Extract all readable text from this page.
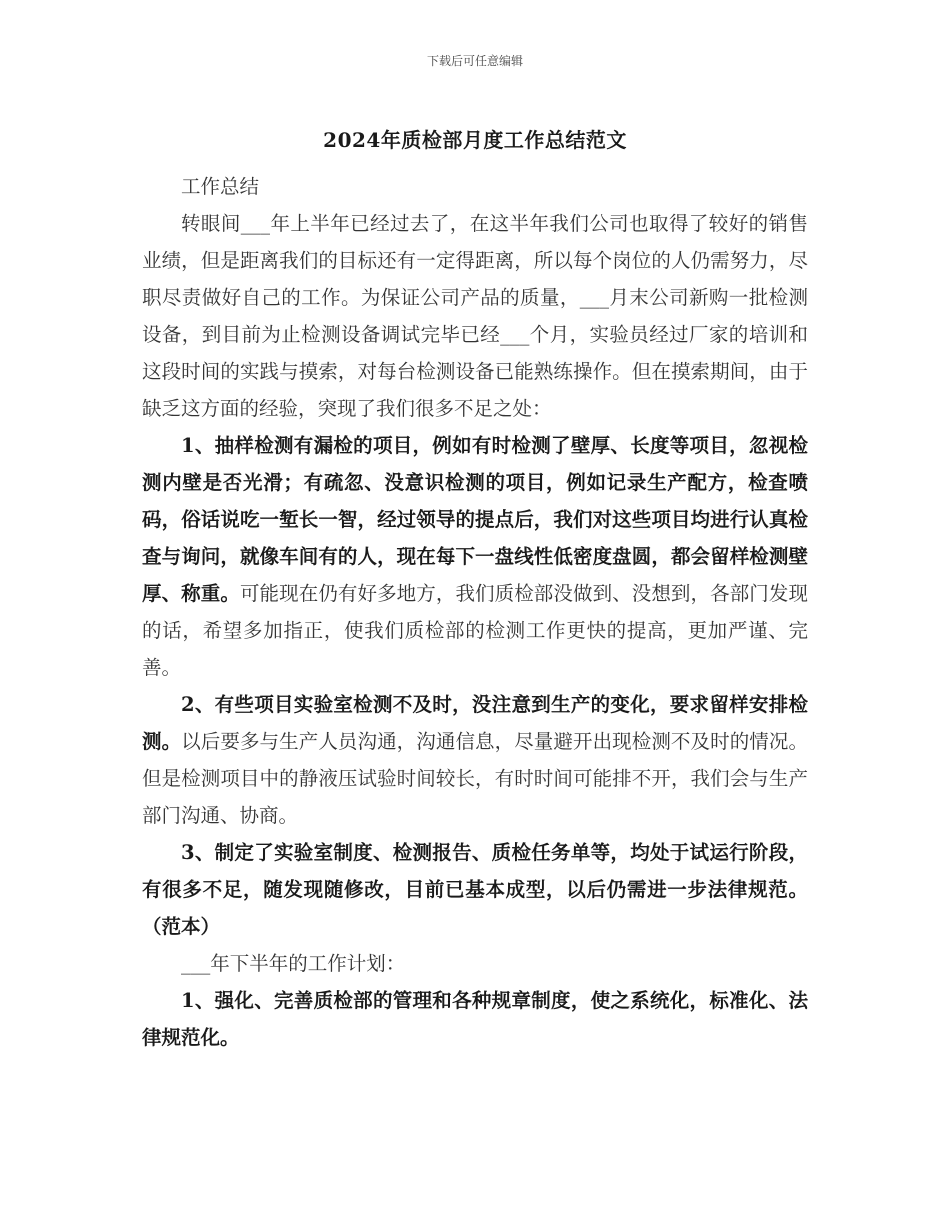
下载后可任意编辑
2024年质检部月度工作总结范文

工作总结

转眼间___年上半年已经过去了，在这半年我们公司也取得了较好的销售业绩，但是距离我们的目标还有一定得距离，所以每个岗位的人仍需努力，尽职尽责做好自己的工作。为保证公司产品的质量，___月末公司新购一批检测设备，到目前为止检测设备调试完毕已经___个月，实验员经过厂家的培训和这段时间的实践与摸索，对每台检测设备已能熟练操作。但在摸索期间，由于缺乏这方面的经验，突现了我们很多不足之处：

1、抽样检测有漏检的项目，例如有时检测了壁厚、长度等项目，忽视检测内壁是否光滑；有疏忽、没意识检测的项目，例如记录生产配方，检查喷码，俗话说吃一堑长一智，经过领导的提点后，我们对这些项目均进行认真检查与询问，就像车间有的人，现在每下一盘线性低密度盘圆，都会留样检测壁厚、称重。可能现在仍有好多地方，我们质检部没做到、没想到，各部门发现的话，希望多加指正，使我们质检部的检测工作更快的提高，更加严谨、完善。

2、有些项目实验室检测不及时，没注意到生产的变化，要求留样安排检测。以后要多与生产人员沟通，沟通信息，尽量避开出现检测不及时的情况。但是检测项目中的静液压试验时间较长，有时时间可能排不开，我们会与生产部门沟通、协商。

3、制定了实验室制度、检测报告、质检任务单等，均处于试运行阶段，有很多不足，随发现随修改，目前已基本成型，以后仍需进一步法律规范。（范本）

___年下半年的工作计划：

1、强化、完善质检部的管理和各种规章制度，使之系统化，标准化、法律规范化。
